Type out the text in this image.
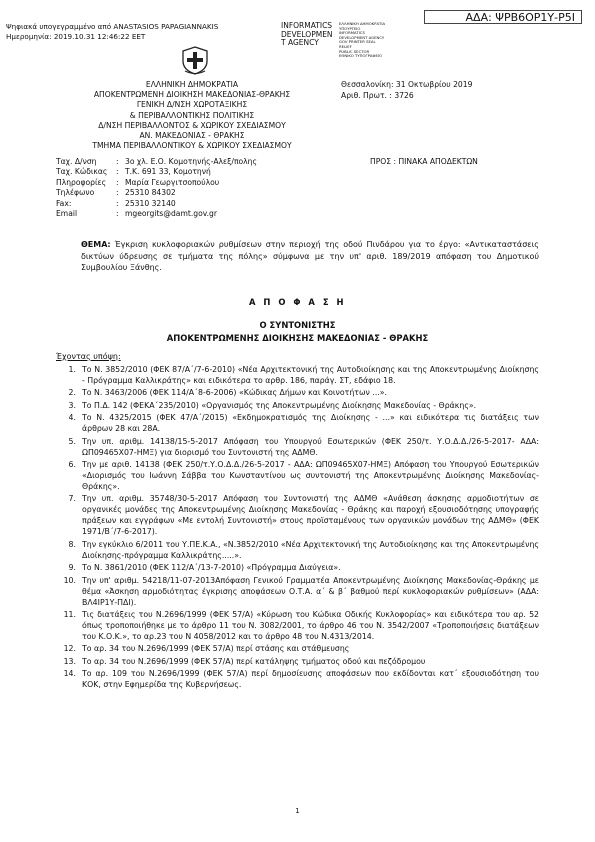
ΑΔΑ: ΨΡΒ6ΟΡ1Υ-Ρ5Ι
Ψηφιακά υπογεγραμμένο από ANASTASIOS PAPAGIANNAKIS
Ημερομηνία: 2019.10.31 12:46:22 EET
INFORMATICS
DEVELOPMEN
T AGENCY
ΕΛΛΗΝΙΚΗ ΔΗΜΟΚΡΑΤΙΑ
ΥΠΟΥΡΓΕΙΟ
INFORMATICS
DEVELOPMENT AGENCY
GOV PRINTER SEAL
RELIEF
PUBLIC SECTOR
ΕΘΝΙΚΟ ΤΥΠΟΓΡΑΦΕΙΟ
ΕΛΛΗΝΙΚΗ ΔΗΜΟΚΡΑΤΙΑ
ΑΠΟΚΕΝΤΡΩΜΕΝΗ ΔΙΟΙΚΗΣΗ ΜΑΚΕΔΟΝΙΑΣ-ΘΡΑΚΗΣ
ΓΕΝΙΚΗ Δ/ΝΣΗ ΧΩΡΟΤΑΞΙΚΗΣ
& ΠΕΡΙΒΑΛΛΟΝΤΙΚΗΣ ΠΟΛΙΤΙΚΗΣ
Δ/ΝΣΗ ΠΕΡΙΒΑΛΛΟΝΤΟΣ & ΧΩΡΙΚΟΥ ΣΧΕΔΙΑΣΜΟΥ
ΑΝ. ΜΑΚΕΔΟΝΙΑΣ - ΘΡΑΚΗΣ
ΤΜΗΜΑ ΠΕΡΙΒΑΛΛΟΝΤΙΚΟΥ & ΧΩΡΙΚΟΥ ΣΧΕΔΙΑΣΜΟΥ
Θεσσαλονίκη: 31 Οκτωβρίου 2019
Αριθ. Πρωτ. : 3726
Ταχ. Δ/νση	:	3ο χλ. Ε.Ο. Κομοτηνής-Αλεξ/πολης
Ταχ. Κώδικας	:	Τ.Κ. 691 33, Κομοτηνή
Πληροφορίες	:	Μαρία Γεωργιτσοπούλου
Τηλέφωνο	:	25310 84302
Fax:	:	25310 32140
Email	:	mgeorgits@damt.gov.gr
ΠΡΟΣ : ΠΙΝΑΚΑ ΑΠΟΔΕΚΤΩΝ
ΘΕΜΑ: Έγκριση κυκλοφοριακών ρυθμίσεων στην περιοχή της οδού Πινδάρου για το έργο: «Αντικαταστάσεις δικτύων ύδρευσης σε τμήματα της πόλης» σύμφωνα με την υπ' αριθ. 189/2019 απόφαση του Δημοτικού Συμβουλίου Ξάνθης.
Α Π Ο Φ Α Σ Η
Ο ΣΥΝΤΟΝΙΣΤΗΣ
ΑΠΟΚΕΝΤΡΩΜΕΝΗΣ ΔΙΟΙΚΗΣΗΣ ΜΑΚΕΔΟΝΙΑΣ - ΘΡΑΚΗΣ
Έχοντας υπόψη:
1. Το Ν. 3852/2010 (ΦΕΚ 87/Α΄/7-6-2010) «Νέα Αρχιτεκτονική της Αυτοδιοίκησης και της Αποκεντρωμένης Διοίκησης - Πρόγραμμα Καλλικράτης» και ειδικότερα το αρθρ. 186, παράγ. ΣΤ, εδάφιο 18.
2. Το Ν. 3463/2006 (ΦΕΚ 114/Α΄8-6-2006) «Κώδικας Δήμων και Κοινοτήτων ...».
3. Το Π.Δ. 142 (ΦΕΚΑ΄235/2010) «Οργανισμός της Αποκεντρωμένης Διοίκησης Μακεδονίας - Θράκης».
4. Το Ν. 4325/2015 (ΦΕΚ 47/Α΄/2015) «Εκδημοκρατισμός της Διοίκησης - ...» και ειδικότερα τις διατάξεις των άρθρων 28 και 28Α.
5. Την υπ. αριθμ. 14138/15-5-2017 Απόφαση του Υπουργού Εσωτερικών (ΦΕΚ 250/τ. Υ.Ο.Δ.Δ./26-5-2017- ΑΔΑ: ΩΠ09465Χ07-ΗΜΞ) για διορισμό του Συντονιστή της ΑΔΜΘ.
6. Την με αριθ. 14138 (ΦΕΚ 250/τ.Υ.Ο.Δ.Δ./26-5-2017 - ΑΔΑ: ΩΠ09465Χ07-ΗΜΞ) Απόφαση του Υπουργού Εσωτερικών «Διορισμός του Ιωάννη Σάββα του Κωνσταντίνου ως συντονιστή της Αποκεντρωμένης Διοίκησης Μακεδονίας-Θράκης».
7. Την υπ. αριθμ. 35748/30-5-2017 Απόφαση του Συντονιστή της ΑΔΜΘ «Ανάθεση άσκησης αρμοδιοτήτων σε οργανικές μονάδες της Αποκεντρωμένης Διοίκησης Μακεδονίας - Θράκης και παροχή εξουσιοδότησης υπογραφής πράξεων και εγγράφων «Με εντολή Συντονιστή» στους προϊσταμένους των οργανικών μονάδων της ΑΔΜΘ» (ΦΕΚ 1971/Β΄/7-6-2017).
8. Την εγκύκλιο 6/2011 του Υ.ΠΕ.Κ.Α., «Ν.3852/2010 «Νέα Αρχιτεκτονική της Αυτοδιοίκησης και της Αποκεντρωμένης Διοίκησης-πρόγραμμα Καλλικράτης.....».
9. Το Ν. 3861/2010 (ΦΕΚ 112/Α΄/13-7-2010) «Πρόγραμμα Διαύγεια».
10. Την υπ' αριθμ. 54218/11-07-2013Απόφαση Γενικού Γραμματέα Αποκεντρωμένης Διοίκησης Μακεδονίας-Θράκης με θέμα «Άσκηση αρμοδιότητας έγκρισης αποφάσεων Ο.Τ.Α. α΄ & β΄ βαθμού περί κυκλοφοριακών ρυθμίσεων» (ΑΔΑ: ΒΛ4ΙΡ1Υ-ΠΔΙ).
11. Τις διατάξεις του Ν.2696/1999 (ΦΕΚ 57/Α) «Κύρωση του Κώδικα Οδικής Κυκλοφορίας» και ειδικότερα του αρ. 52 όπως τροποποιήθηκε με το άρθρο 11 του Ν. 3082/2001, το άρθρο 46 του Ν. 3542/2007 «Τροποποιήσεις διατάξεων του Κ.Ο.Κ.», το αρ.23 του Ν 4058/2012 και το άρθρο 48 του Ν.4313/2014.
12. Το αρ. 34 του Ν.2696/1999 (ΦΕΚ 57/Α) περί στάσης και στάθμευσης
13. Το αρ. 34 του Ν.2696/1999 (ΦΕΚ 57/Α) περί κατάληψης τμήματος οδού και πεζόδρομου
14. Το αρ. 109 του Ν.2696/1999 (ΦΕΚ 57/Α) περί δημοσίευσης αποφάσεων που εκδίδονται κατ΄ εξουσιοδότηση του ΚΟΚ, στην Εφημερίδα της Κυβερνήσεως.
1
